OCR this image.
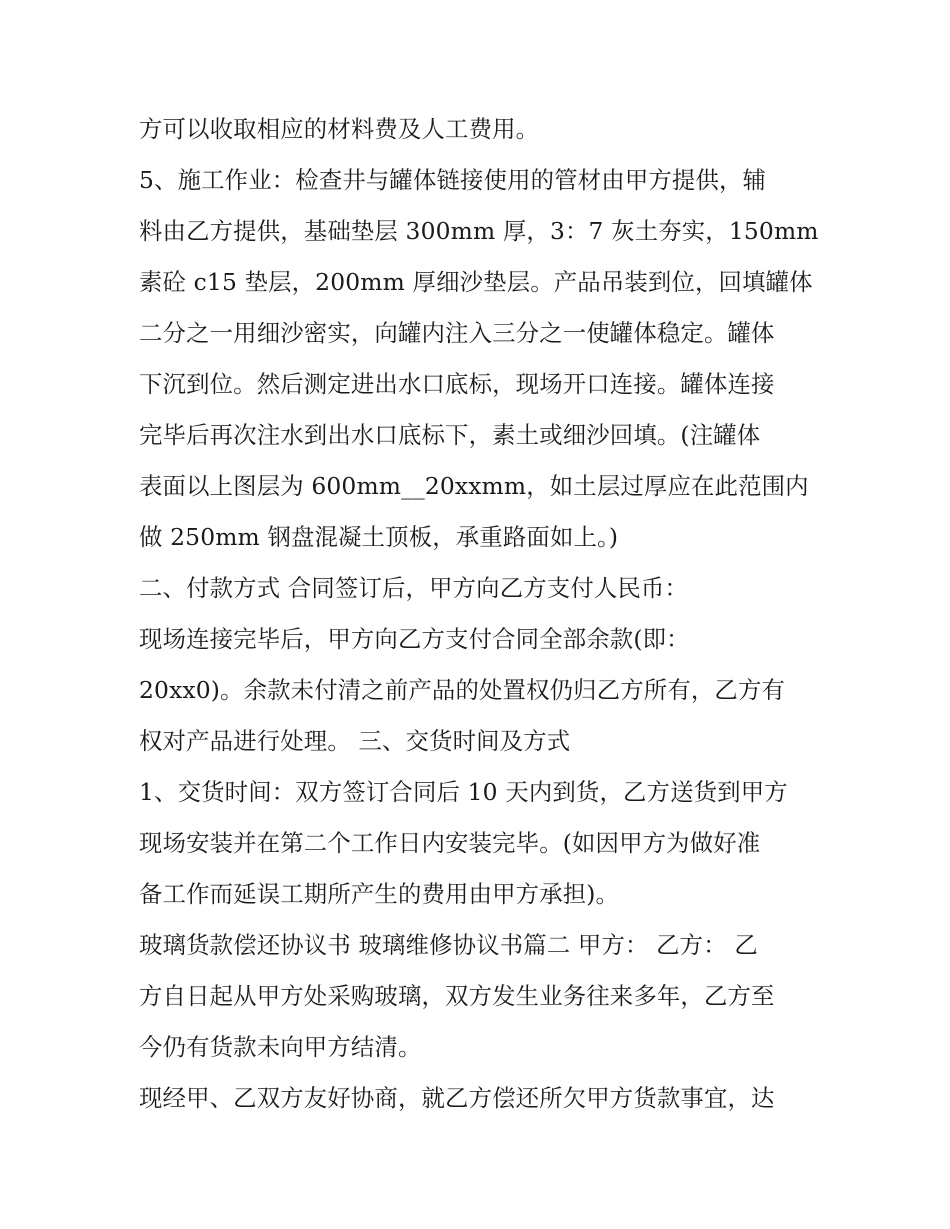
方可以收取相应的材料费及人工费用。
5、施工作业：检查井与罐体链接使用的管材由甲方提供，辅
料由乙方提供，基础垫层 300mm 厚，3：7 灰土夯实，150mm
素砼 c15 垫层，200mm 厚细沙垫层。产品吊装到位，回填罐体
二分之一用细沙密实，向罐内注入三分之一使罐体稳定。罐体
下沉到位。然后测定进出水口底标，现场开口连接。罐体连接
完毕后再次注水到出水口底标下，素土或细沙回填。(注罐体
表面以上图层为 600mm__20xxmm，如土层过厚应在此范围内
做 250mm 钢盘混凝土顶板，承重路面如上。)
二、付款方式 合同签订后，甲方向乙方支付人民币：
现场连接完毕后，甲方向乙方支付合同全部余款(即：
20xx0)。余款未付清之前产品的处置权仍归乙方所有，乙方有
权对产品进行处理。 三、交货时间及方式
1、交货时间：双方签订合同后 10 天内到货，乙方送货到甲方
现场安装并在第二个工作日内安装完毕。(如因甲方为做好准
备工作而延误工期所产生的费用由甲方承担)。
玻璃货款偿还协议书 玻璃维修协议书篇二 甲方： 乙方： 乙
方自日起从甲方处采购玻璃，双方发生业务往来多年，乙方至
今仍有货款未向甲方结清。
现经甲、乙双方友好协商，就乙方偿还所欠甲方货款事宜，达
